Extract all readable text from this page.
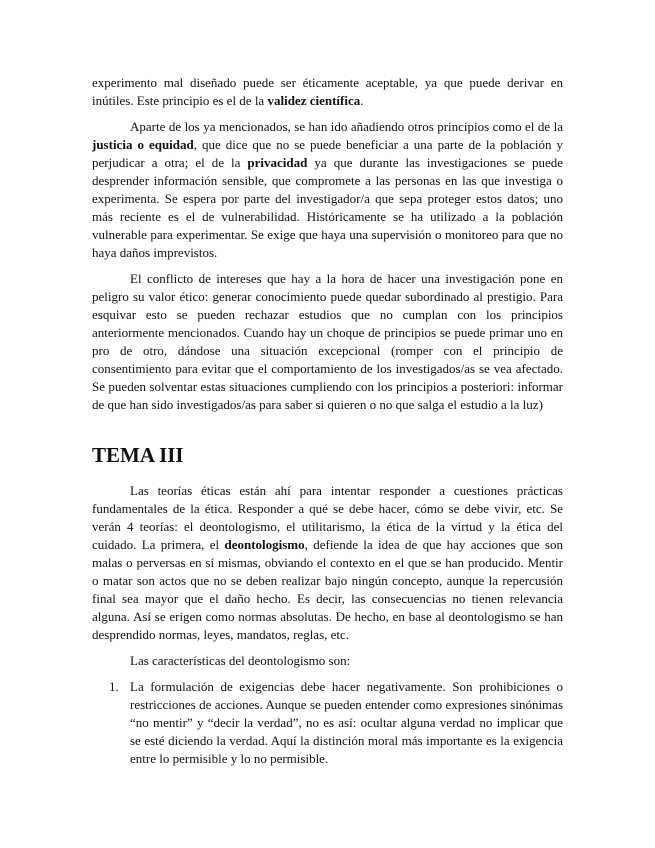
experimento mal diseñado puede ser éticamente aceptable, ya que puede derivar en inútiles. Este principio es el de la validez científica.

Aparte de los ya mencionados, se han ido añadiendo otros principios como el de la justicia o equidad, que dice que no se puede beneficiar a una parte de la población y perjudicar a otra; el de la privacidad ya que durante las investigaciones se puede desprender información sensible, que compromete a las personas en las que investiga o experimenta. Se espera por parte del investigador/a que sepa proteger estos datos; uno más reciente es el de vulnerabilidad. Históricamente se ha utilizado a la población vulnerable para experimentar. Se exige que haya una supervisión o monitoreo para que no haya daños imprevistos.

El conflicto de intereses que hay a la hora de hacer una investigación pone en peligro su valor ético: generar conocimiento puede quedar subordinado al prestigio. Para esquivar esto se pueden rechazar estudios que no cumplan con los principios anteriormente mencionados. Cuando hay un choque de principios se puede primar uno en pro de otro, dándose una situación excepcional (romper con el principio de consentimiento para evitar que el comportamiento de los investigados/as se vea afectado. Se pueden solventar estas situaciones cumpliendo con los principios a posteriori: informar de que han sido investigados/as para saber si quieren o no que salga el estudio a la luz)

TEMA III

Las teorías éticas están ahí para intentar responder a cuestiones prácticas fundamentales de la ética. Responder a qué se debe hacer, cómo se debe vivir, etc. Se verán 4 teorías: el deontologismo, el utilitarismo, la ética de la virtud y la ética del cuidado. La primera, el deontologismo, defiende la idea de que hay acciones que son malas o perversas en sí mismas, obviando el contexto en el que se han producido. Mentir o matar son actos que no se deben realizar bajo ningún concepto, aunque la repercusión final sea mayor que el daño hecho. Es decir, las consecuencias no tienen relevancia alguna. Así se erigen como normas absolutas. De hecho, en base al deontologismo se han desprendido normas, leyes, mandatos, reglas, etc.

Las características del deontologismo son:

1. La formulación de exigencias debe hacer negativamente. Son prohibiciones o restricciones de acciones. Aunque se pueden entender como expresiones sinónimas “no mentir” y “decir la verdad”, no es así: ocultar alguna verdad no implicar que se esté diciendo la verdad. Aquí la distinción moral más importante es la exigencia entre lo permisible y lo no permisible.
